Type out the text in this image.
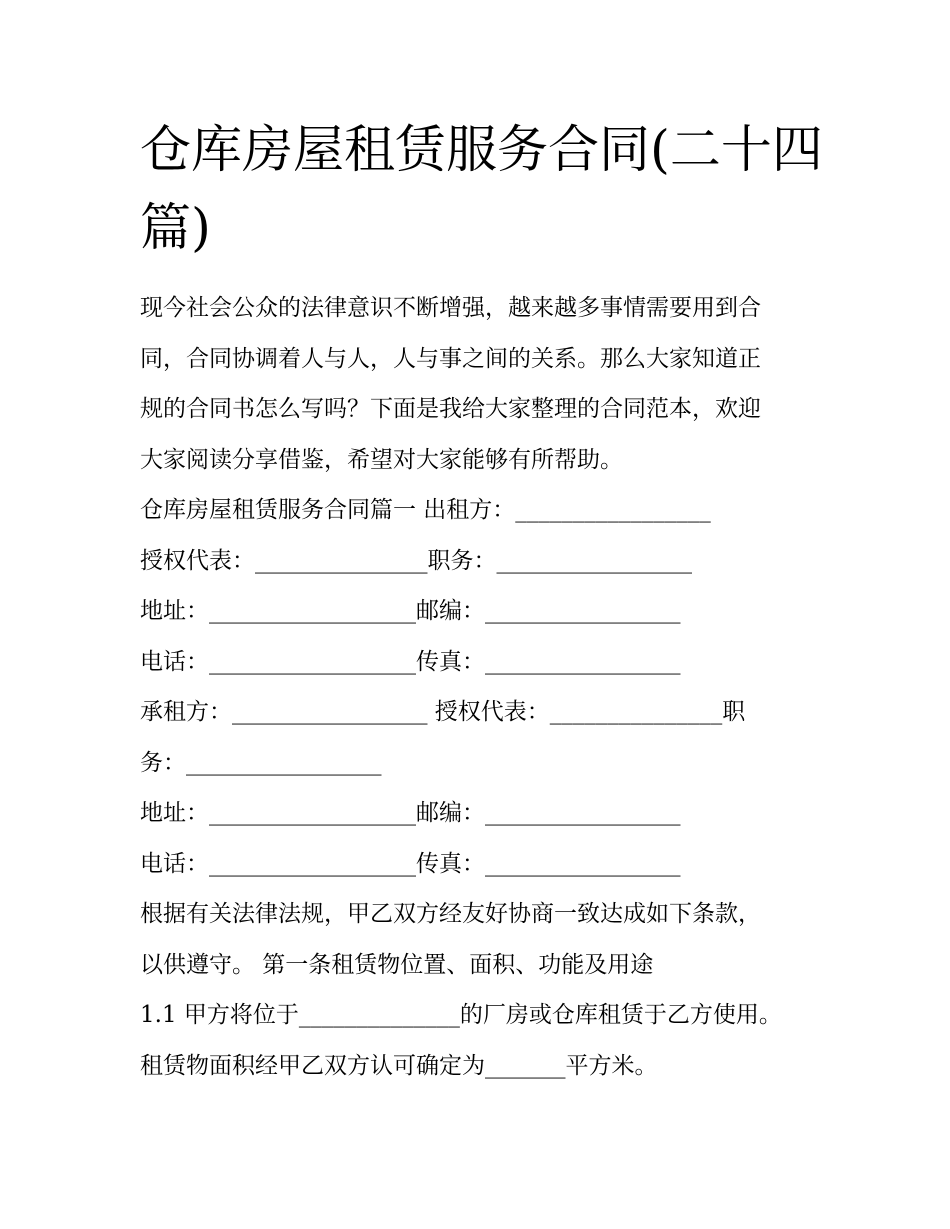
仓库房屋租赁服务合同(二十四
篇)
现今社会公众的法律意识不断增强，越来越多事情需要用到合
同，合同协调着人与人，人与事之间的关系。那么大家知道正
规的合同书怎么写吗？下面是我给大家整理的合同范本，欢迎
大家阅读分享借鉴，希望对大家能够有所帮助。
仓库房屋租赁服务合同篇一 出租方：_________________
授权代表：_______________职务：_________________
地址：__________________邮编：_________________
电话：__________________传真：_________________
承租方：_________________ 授权代表：_______________职
务：_________________
地址：__________________邮编：_________________
电话：__________________传真：_________________
根据有关法律法规，甲乙双方经友好协商一致达成如下条款，
以供遵守。 第一条租赁物位置、面积、功能及用途
1.1 甲方将位于______________的厂房或仓库租赁于乙方使用。
租赁物面积经甲乙双方认可确定为_______平方米。
